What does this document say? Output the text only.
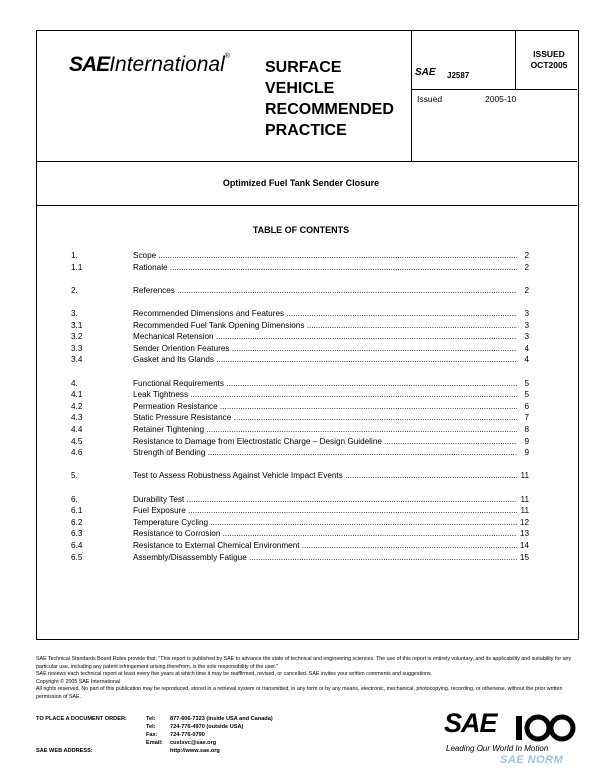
SAEInternational®
SURFACE
VEHICLE
RECOMMENDED
PRACTICE
SAE J2587
ISSUED
OCT2005
Issued	2005-10
Optimized Fuel Tank Sender Closure
TABLE OF CONTENTS
1.	Scope .....	2
1.1	Rationale .....	2
2.	References .....	2
3.	Recommended Dimensions and Features .....	3
3.1	Recommended Fuel Tank Opening Dimensions .....	3
3.2	Mechanical Retension .....	3
3.3	Sender Oriention Features .....	4
3.4	Gasket and Its Glands .....	4
4.	Functional Requirements .....	5
4.1	Leak Tightness .....	5
4.2	Permeation Resistance .....	6
4.3	Static Pressure Resistance .....	7
4.4	Retainer Tightening .....	8
4.5	Resistance to Damage from Electrostatic Charge – Design Guideline .....	9
4.6	Strength of Bending .....	9
5.	Test to Assess Robustness Against Vehicle Impact Events .....	11
6.	Durability Test .....	11
6.1	Fuel Exposure .....	11
6.2	Temperature Cycling .....	12
6.3	Resistance to Corrosion .....	13
6.4	Resistance to External Chemical Environment .....	14
6.5	Assembly/Disassembly Fatigue .....	15

SAE Technical Standards Board Rules provide that: "This report is published by SAE to advance the state of technical and engineering sciences. The use of this report is entirely voluntary, and its applicability and suitability for any particular use, including any patent infringement arising therefrom, is the sole responsibility of the user."

SAE reviews each technical report at least every five years at which time it may be reaffirmed, revised, or cancelled. SAE invites your written comments and suggestions.

Copyright © 2005 SAE International

All rights reserved. No part of this publication may be reproduced, stored in a retrieval system or transmitted, in any form or by any means, electronic, mechanical, photocopying, recording, or otherwise, without the prior written permission of SAE.

TO PLACE A DOCUMENT ORDER:	Tel:	877-606-7323 (inside USA and Canada)
Tel:	724-776-4970 (outside USA)
Fax: 724-776-0790
Email: custsvc@sae.org
SAE WEB ADDRESS:	http://www.sae.org
SAE
Leading Our World In Motion
SAE NORM
